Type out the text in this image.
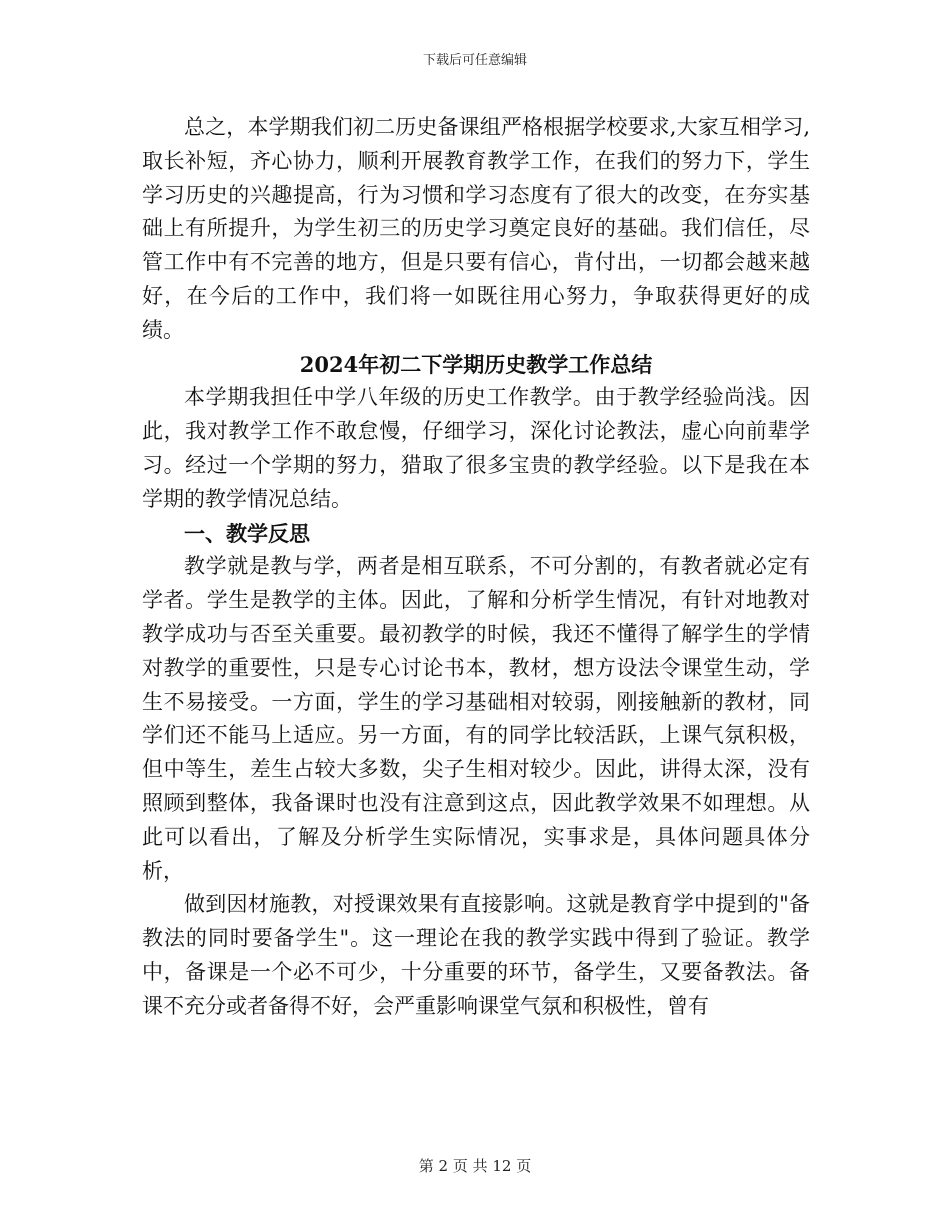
下载后可任意编辑

总之，本学期我们初二历史备课组严格根据学校要求,大家互相学习,取长补短，齐心协力，顺利开展教育教学工作，在我们的努力下，学生学习历史的兴趣提高，行为习惯和学习态度有了很大的改变，在夯实基础上有所提升，为学生初三的历史学习奠定良好的基础。我们信任，尽管工作中有不完善的地方，但是只要有信心，肯付出，一切都会越来越好，在今后的工作中，我们将一如既往用心努力，争取获得更好的成绩。

2024年初二下学期历史教学工作总结

本学期我担任中学八年级的历史工作教学。由于教学经验尚浅。因此，我对教学工作不敢怠慢，仔细学习，深化讨论教法，虚心向前辈学习。经过一个学期的努力，猎取了很多宝贵的教学经验。以下是我在本学期的教学情况总结。

一、教学反思

教学就是教与学，两者是相互联系，不可分割的，有教者就必定有学者。学生是教学的主体。因此，了解和分析学生情况，有针对地教对教学成功与否至关重要。最初教学的时候，我还不懂得了解学生的学情对教学的重要性，只是专心讨论书本，教材，想方设法令课堂生动，学生不易接受。一方面，学生的学习基础相对较弱，刚接触新的教材，同学们还不能马上适应。另一方面，有的同学比较活跃，上课气氛积极，但中等生，差生占较大多数，尖子生相对较少。因此，讲得太深，没有照顾到整体，我备课时也没有注意到这点，因此教学效果不如理想。从此可以看出，了解及分析学生实际情况，实事求是，具体问题具体分析，

做到因材施教，对授课效果有直接影响。这就是教育学中提到的"备教法的同时要备学生"。这一理论在我的教学实践中得到了验证。教学中，备课是一个必不可少，十分重要的环节，备学生，又要备教法。备课不充分或者备得不好，会严重影响课堂气氛和积极性，曾有

第 2 页 共 12 页
